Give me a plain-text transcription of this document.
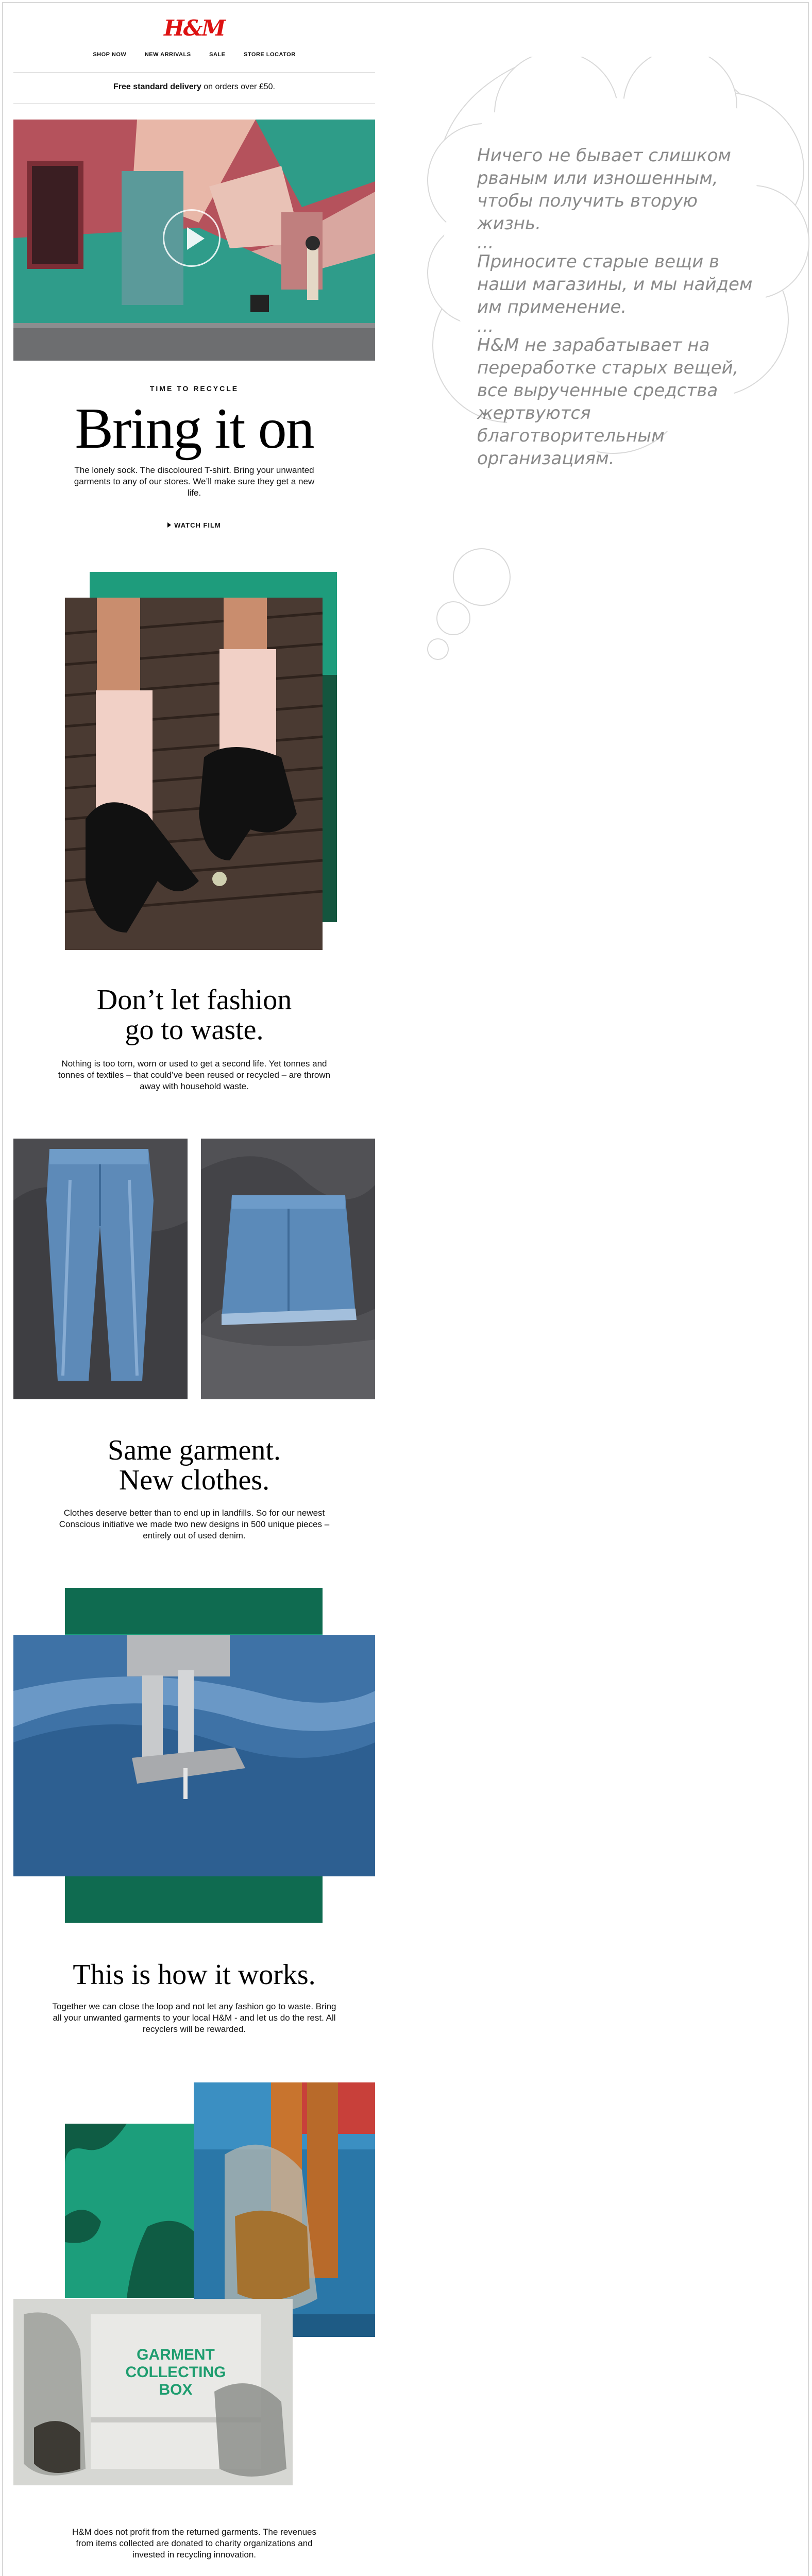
Ничего не бывает слишком рваным или изношенным, чтобы получить вторую жизнь.
...
Приносите старые вещи в наши магазины, и мы найдем им применение.
...
H&M не зарабатывает на переработке старых вещей, все вырученные средства жертвуются благотворительным организациям.
H&M
SHOP NOW	NEW ARRIVALS	SALE	STORE LOCATOR
Free standard delivery on orders over £50.
TIME TO RECYCLE
Bring it on
The lonely sock. The discoloured T-shirt. Bring your unwanted garments to any of our stores. We’ll make sure they get a new life.
WATCH FILM
Don’t let fashion
go to waste.
Nothing is too torn, worn or used to get a second life. Yet tonnes and tonnes of textiles – that could’ve been reused or recycled – are thrown away with household waste.
Same garment.
New clothes.
Clothes deserve better than to end up in landfills. So for our newest Conscious initiative we made two new designs in 500 unique pieces – entirely out of used denim.
This is how it works.
Together we can close the loop and not let any fashion go to waste. Bring all your unwanted garments to your local H&M - and let us do the rest. All recyclers will be rewarded.
GARMENT
COLLECTING
BOX
H&M does not profit from the returned garments. The revenues from items collected are donated to charity organizations and invested in recycling innovation.
